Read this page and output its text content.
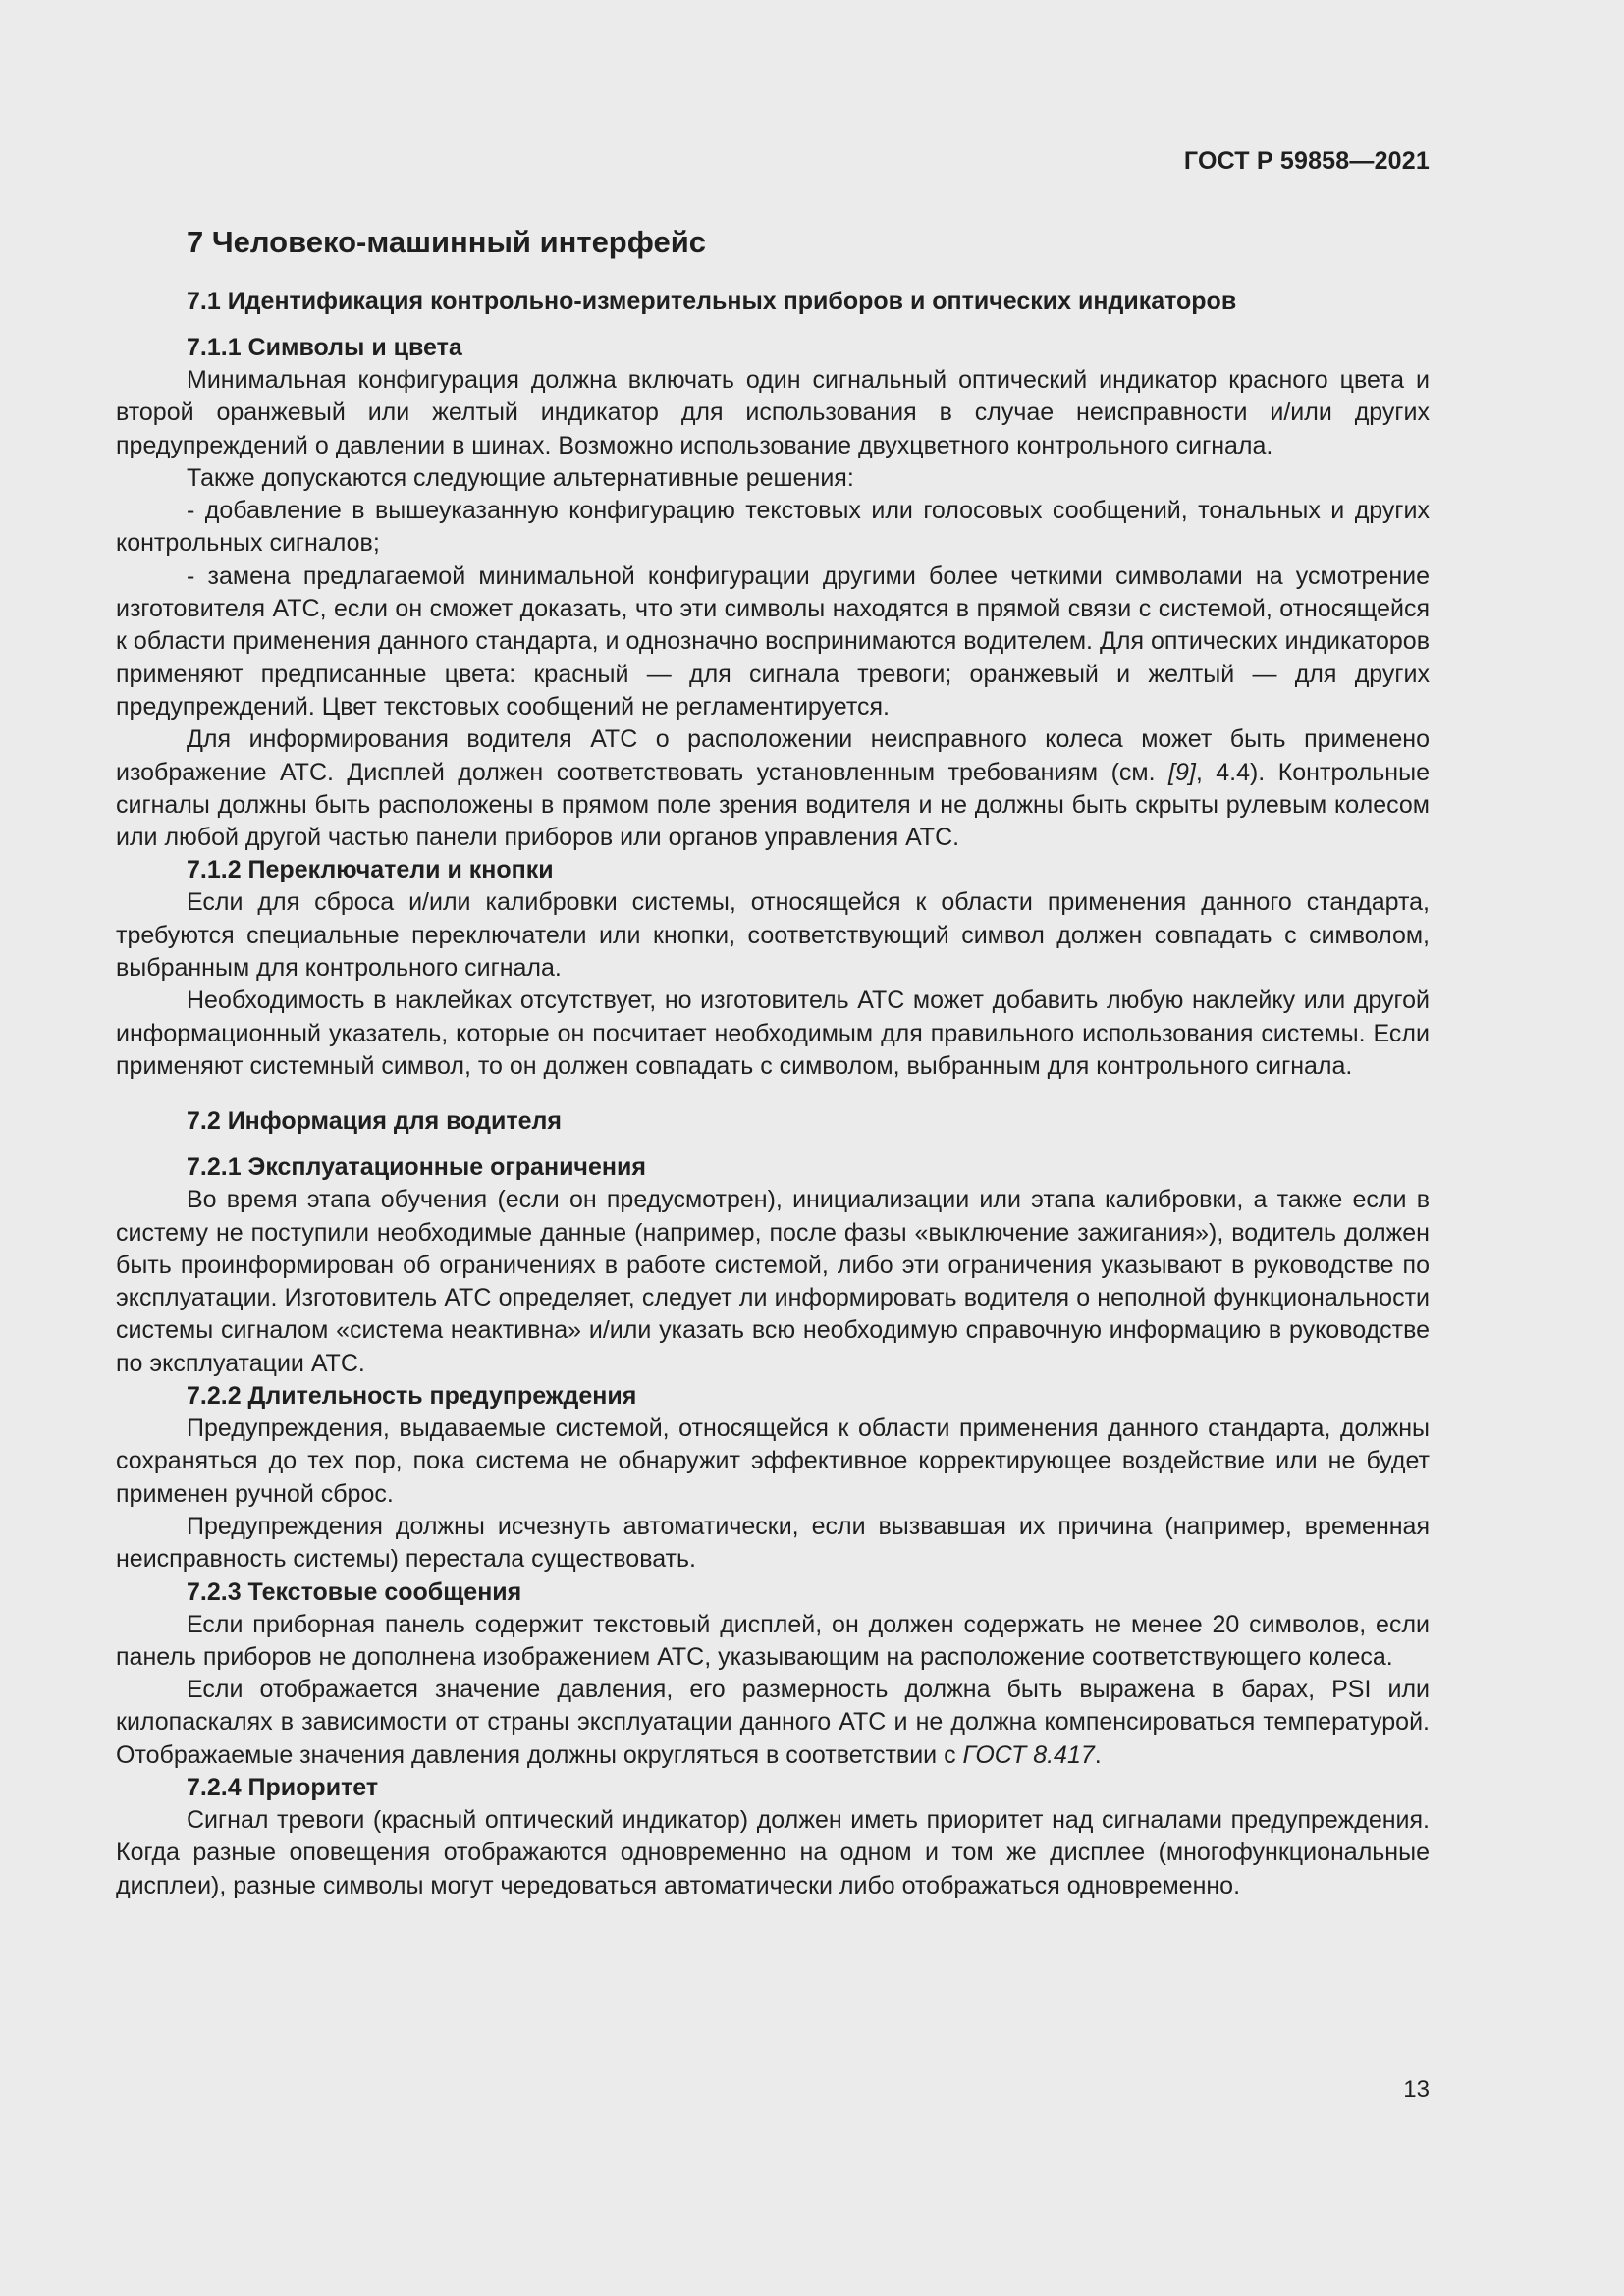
ГОСТ Р 59858—2021
7 Человеко-машинный интерфейс
7.1 Идентификация контрольно-измерительных приборов и оптических индикаторов
7.1.1 Символы и цвета

Минимальная конфигурация должна включать один сигнальный оптический индикатор красного цвета и второй оранжевый или желтый индикатор для использования в случае неисправности и/или других предупреждений о давлении в шинах. Возможно использование двухцветного контрольного сигнала.

Также допускаются следующие альтернативные решения:

- добавление в вышеуказанную конфигурацию текстовых или голосовых сообщений, тональных и других контрольных сигналов;

- замена предлагаемой минимальной конфигурации другими более четкими символами на усмотрение изготовителя АТС, если он сможет доказать, что эти символы находятся в прямой связи с системой, относящейся к области применения данного стандарта, и однозначно воспринимаются водителем. Для оптических индикаторов применяют предписанные цвета: красный — для сигнала тревоги; оранжевый и желтый — для других предупреждений. Цвет текстовых сообщений не регламентируется.

Для информирования водителя АТС о расположении неисправного колеса может быть применено изображение АТС. Дисплей должен соответствовать установленным требованиям (см. [9], 4.4). Контрольные сигналы должны быть расположены в прямом поле зрения водителя и не должны быть скрыты рулевым колесом или любой другой частью панели приборов или органов управления АТС.

7.1.2 Переключатели и кнопки

Если для сброса и/или калибровки системы, относящейся к области применения данного стандарта, требуются специальные переключатели или кнопки, соответствующий символ должен совпадать с символом, выбранным для контрольного сигнала.

Необходимость в наклейках отсутствует, но изготовитель АТС может добавить любую наклейку или другой информационный указатель, которые он посчитает необходимым для правильного использования системы. Если применяют системный символ, то он должен совпадать с символом, выбранным для контрольного сигнала.

7.2 Информация для водителя
7.2.1 Эксплуатационные ограничения

Во время этапа обучения (если он предусмотрен), инициализации или этапа калибровки, а также если в систему не поступили необходимые данные (например, после фазы «выключение зажигания»), водитель должен быть проинформирован об ограничениях в работе системой, либо эти ограничения указывают в руководстве по эксплуатации. Изготовитель АТС определяет, следует ли информировать водителя о неполной функциональности системы сигналом «система неактивна» и/или указать всю необходимую справочную информацию в руководстве по эксплуатации АТС.

7.2.2 Длительность предупреждения

Предупреждения, выдаваемые системой, относящейся к области применения данного стандарта, должны сохраняться до тех пор, пока система не обнаружит эффективное корректирующее воздействие или не будет применен ручной сброс.

Предупреждения должны исчезнуть автоматически, если вызвавшая их причина (например, временная неисправность системы) перестала существовать.

7.2.3 Текстовые сообщения

Если приборная панель содержит текстовый дисплей, он должен содержать не менее 20 символов, если панель приборов не дополнена изображением АТС, указывающим на расположение соответствующего колеса.

Если отображается значение давления, его размерность должна быть выражена в барах, PSI или килопаскалях в зависимости от страны эксплуатации данного АТС и не должна компенсироваться температурой. Отображаемые значения давления должны округляться в соответствии с ГОСТ 8.417.

7.2.4 Приоритет

Сигнал тревоги (красный оптический индикатор) должен иметь приоритет над сигналами предупреждения. Когда разные оповещения отображаются одновременно на одном и том же дисплее (многофункциональные дисплеи), разные символы могут чередоваться автоматически либо отображаться одновременно.

13
